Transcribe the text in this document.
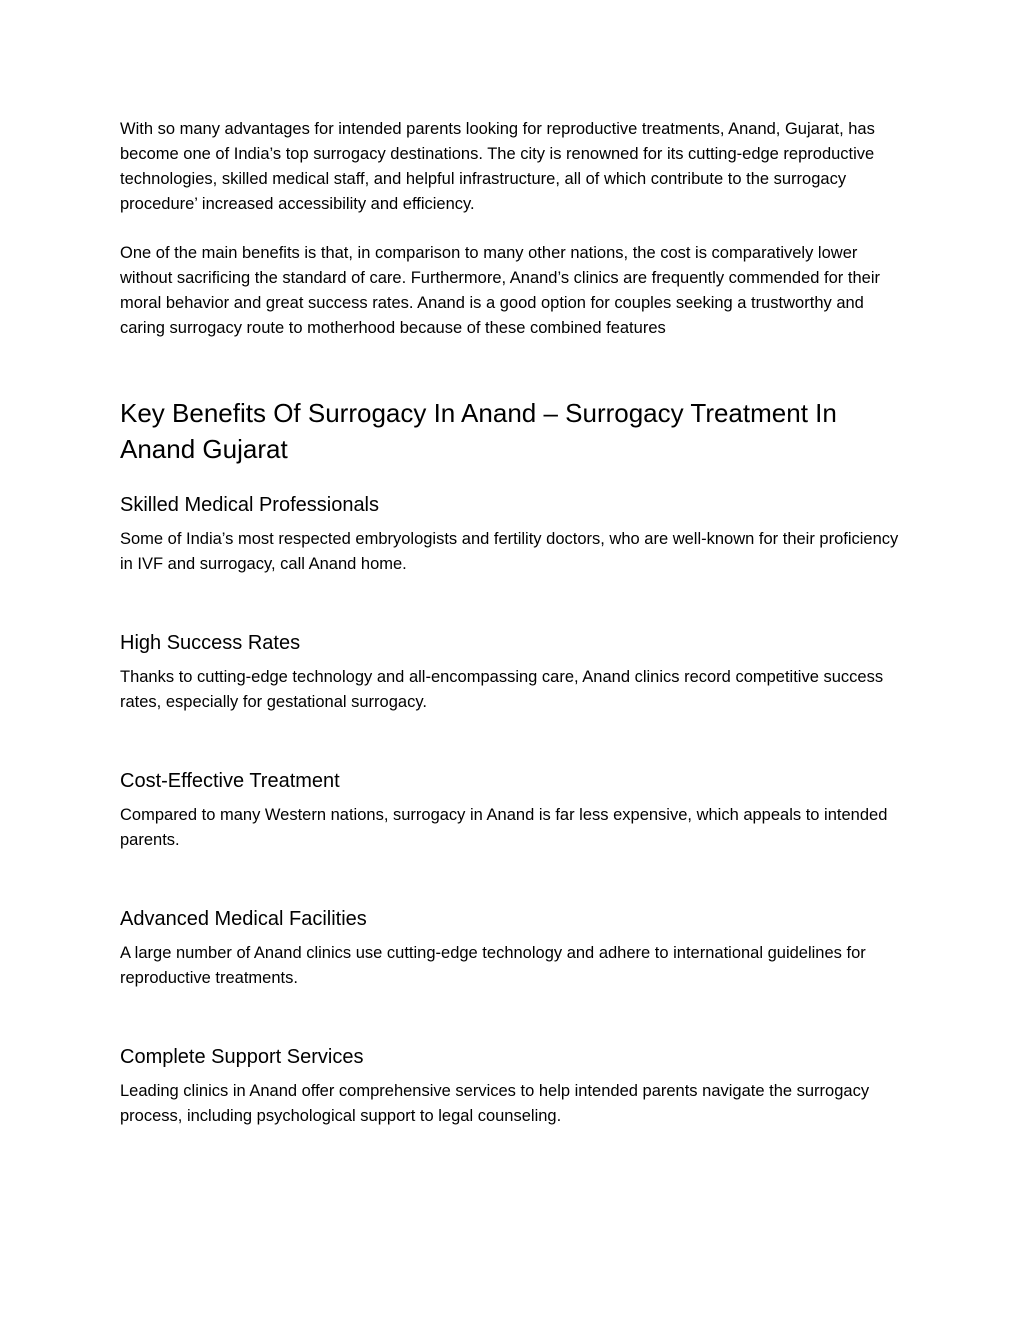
With so many advantages for intended parents looking for reproductive treatments, Anand, Gujarat, has become one of India’s top surrogacy destinations. The city is renowned for its cutting-edge reproductive technologies, skilled medical staff, and helpful infrastructure, all of which contribute to the surrogacy procedure’ increased accessibility and efficiency.

One of the main benefits is that, in comparison to many other nations, the cost is comparatively lower without sacrificing the standard of care. Furthermore, Anand’s clinics are frequently commended for their moral behavior and great success rates. Anand is a good option for couples seeking a trustworthy and caring surrogacy route to motherhood because of these combined features

Key Benefits Of Surrogacy In Anand – Surrogacy Treatment In Anand Gujarat
Skilled Medical Professionals

Some of India’s most respected embryologists and fertility doctors, who are well-known for their proficiency in IVF and surrogacy, call Anand home.

High Success Rates

Thanks to cutting-edge technology and all-encompassing care, Anand clinics record competitive success rates, especially for gestational surrogacy.

Cost-Effective Treatment

Compared to many Western nations, surrogacy in Anand is far less expensive, which appeals to intended parents.

Advanced Medical Facilities

A large number of Anand clinics use cutting-edge technology and adhere to international guidelines for reproductive treatments.

Complete Support Services

Leading clinics in Anand offer comprehensive services to help intended parents navigate the surrogacy process, including psychological support to legal counseling.
